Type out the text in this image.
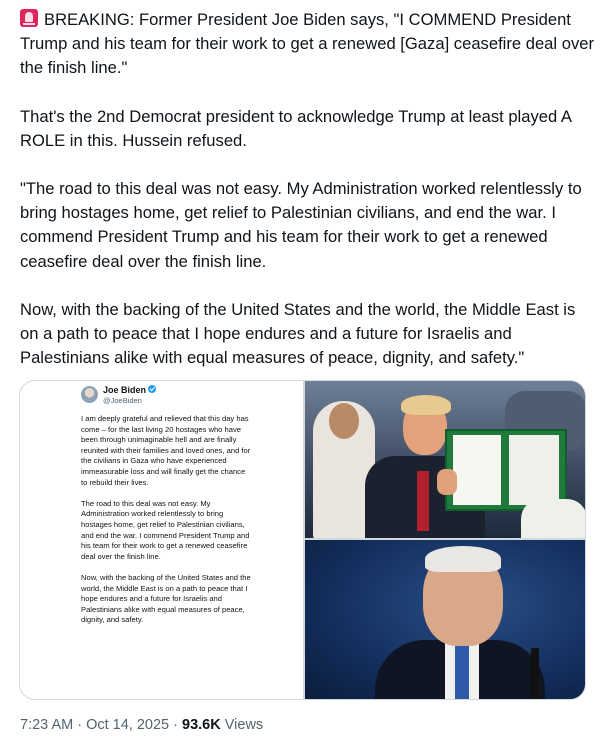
BREAKING: Former President Joe Biden says, "I COMMEND President Trump and his team for their work to get a renewed [Gaza] ceasefire deal over the finish line."

That's the 2nd Democrat president to acknowledge Trump at least played A ROLE in this. Hussein refused.

"The road to this deal was not easy. My Administration worked relentlessly to bring hostages home, get relief to Palestinian civilians, and end the war. I commend President Trump and his team for their work to get a renewed ceasefire deal over the finish line.

Now, with the backing of the United States and the world, the Middle East is on a path to peace that I hope endures and a future for Israelis and Palestinians alike with equal measures of peace, dignity, and safety."

Joe Biden
@JoeBiden

I am deeply grateful and relieved that this day has come – for the last living 20 hostages who have been through unimaginable hell and are finally reunited with their families and loved ones, and for the civilians in Gaza who have experienced immeasurable loss and will finally get the chance to rebuild their lives.

The road to this deal was not easy. My Administration worked relentlessly to bring hostages home, get relief to Palestinian civilians, and end the war. I commend President Trump and his team for their work to get a renewed ceasefire deal over the finish line.

Now, with the backing of the United States and the world, the Middle East is on a path to peace that I hope endures and a future for Israelis and Palestinians alike with equal measures of peace, dignity, and safety.

7:23 AM · Oct 14, 2025 · 93.6K Views
